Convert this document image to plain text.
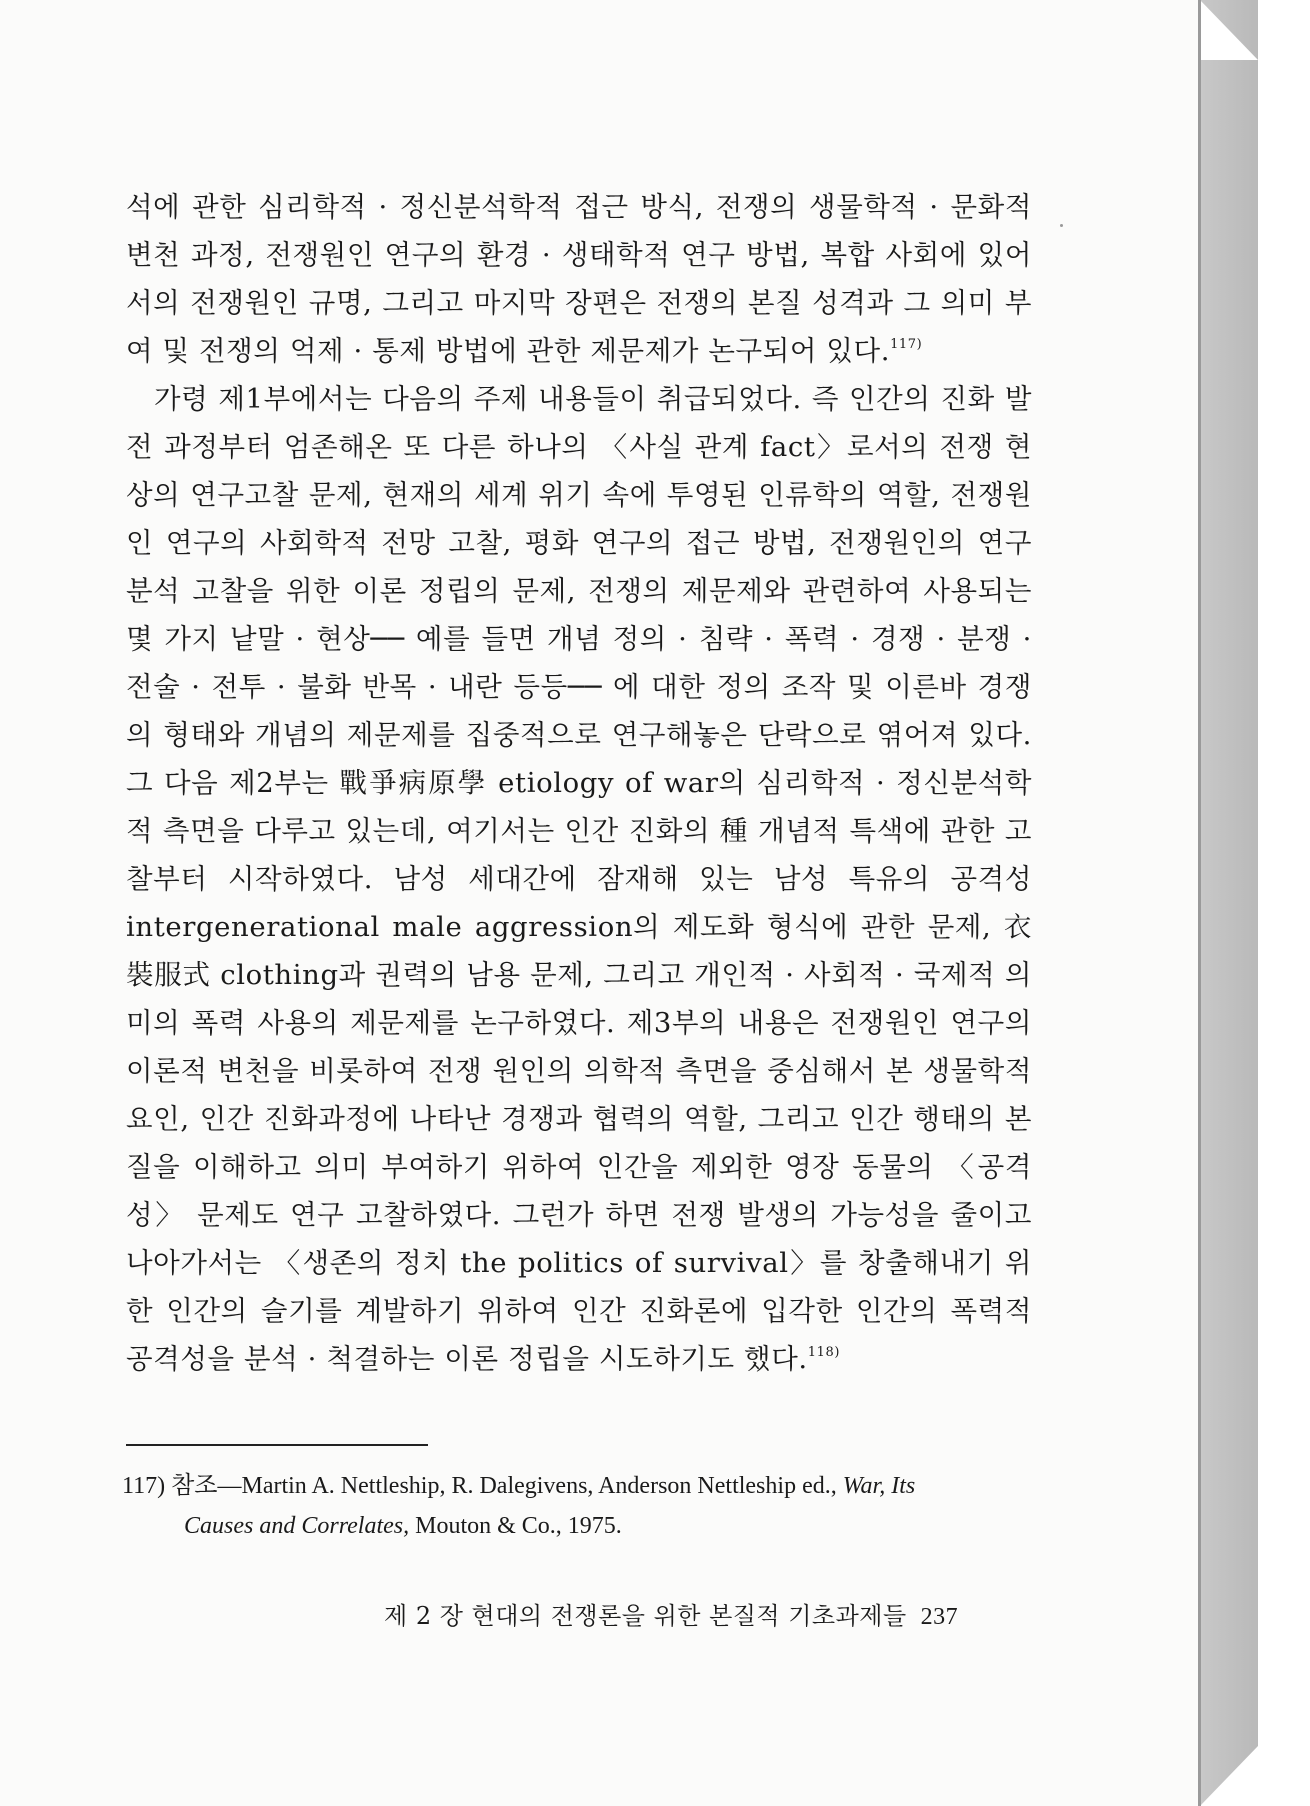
석에 관한 심리학적 · 정신분석학적 접근 방식, 전쟁의 생물학적 · 문화적 변천 과정, 전쟁원인 연구의 환경 · 생태학적 연구 방법, 복합 사회에 있어서의 전쟁원인 규명, 그리고 마지막 장편은 전쟁의 본질 성격과 그 의미 부여 및 전쟁의 억제 · 통제 방법에 관한 제문제가 논구되어 있다.$^{117)}$

가령 제1부에서는 다음의 주제 내용들이 취급되었다. 즉 인간의 진화 발전 과정부터 엄존해온 또 다른 하나의 〈사실 관계 fact〉로서의 전쟁 현상의 연구고찰 문제, 현재의 세계 위기 속에 투영된 인류학의 역할, 전쟁원인 연구의 사회학적 전망 고찰, 평화 연구의 접근 방법, 전쟁원인의 연구 분석 고찰을 위한 이론 정립의 문제, 전쟁의 제문제와 관련하여 사용되는 몇 가지 낱말 · 현상── 예를 들면 개념 정의 · 침략 · 폭력 · 경쟁 · 분쟁 · 전술 · 전투 · 불화 반목 · 내란 등등── 에 대한 정의 조작 및 이른바 경쟁의 형태와 개념의 제문제를 집중적으로 연구해놓은 단락으로 엮어져 있다. 그 다음 제2부는 戰爭病原學 etiology of war의 심리학적 · 정신분석학적 측면을 다루고 있는데, 여기서는 인간 진화의 種 개념적 특색에 관한 고찰부터 시작하였다. 남성 세대간에 잠재해 있는 남성 특유의 공격성 intergenerational male aggression의 제도화 형식에 관한 문제, 衣裝服式 clothing과 권력의 남용 문제, 그리고 개인적 · 사회적 · 국제적 의미의 폭력 사용의 제문제를 논구하였다. 제3부의 내용은 전쟁원인 연구의 이론적 변천을 비롯하여 전쟁 원인의 의학적 측면을 중심해서 본 생물학적 요인, 인간 진화과정에 나타난 경쟁과 협력의 역할, 그리고 인간 행태의 본질을 이해하고 의미 부여하기 위하여 인간을 제외한 영장 동물의 〈공격성〉 문제도 연구 고찰하였다. 그런가 하면 전쟁 발생의 가능성을 줄이고 나아가서는 〈생존의 정치 the politics of survival〉를 창출해내기 위한 인간의 슬기를 계발하기 위하여 인간 진화론에 입각한 인간의 폭력적 공격성을 분석 · 척결하는 이론 정립을 시도하기도 했다.$^{118)}$

117) 참조—Martin A. Nettleship, R. Dalegivens, Anderson Nettleship ed., War, Its
Causes and Correlates, Mouton & Co., 1975.
제 2 장 현대의 전쟁론을 위한 본질적 기초과제들 237
